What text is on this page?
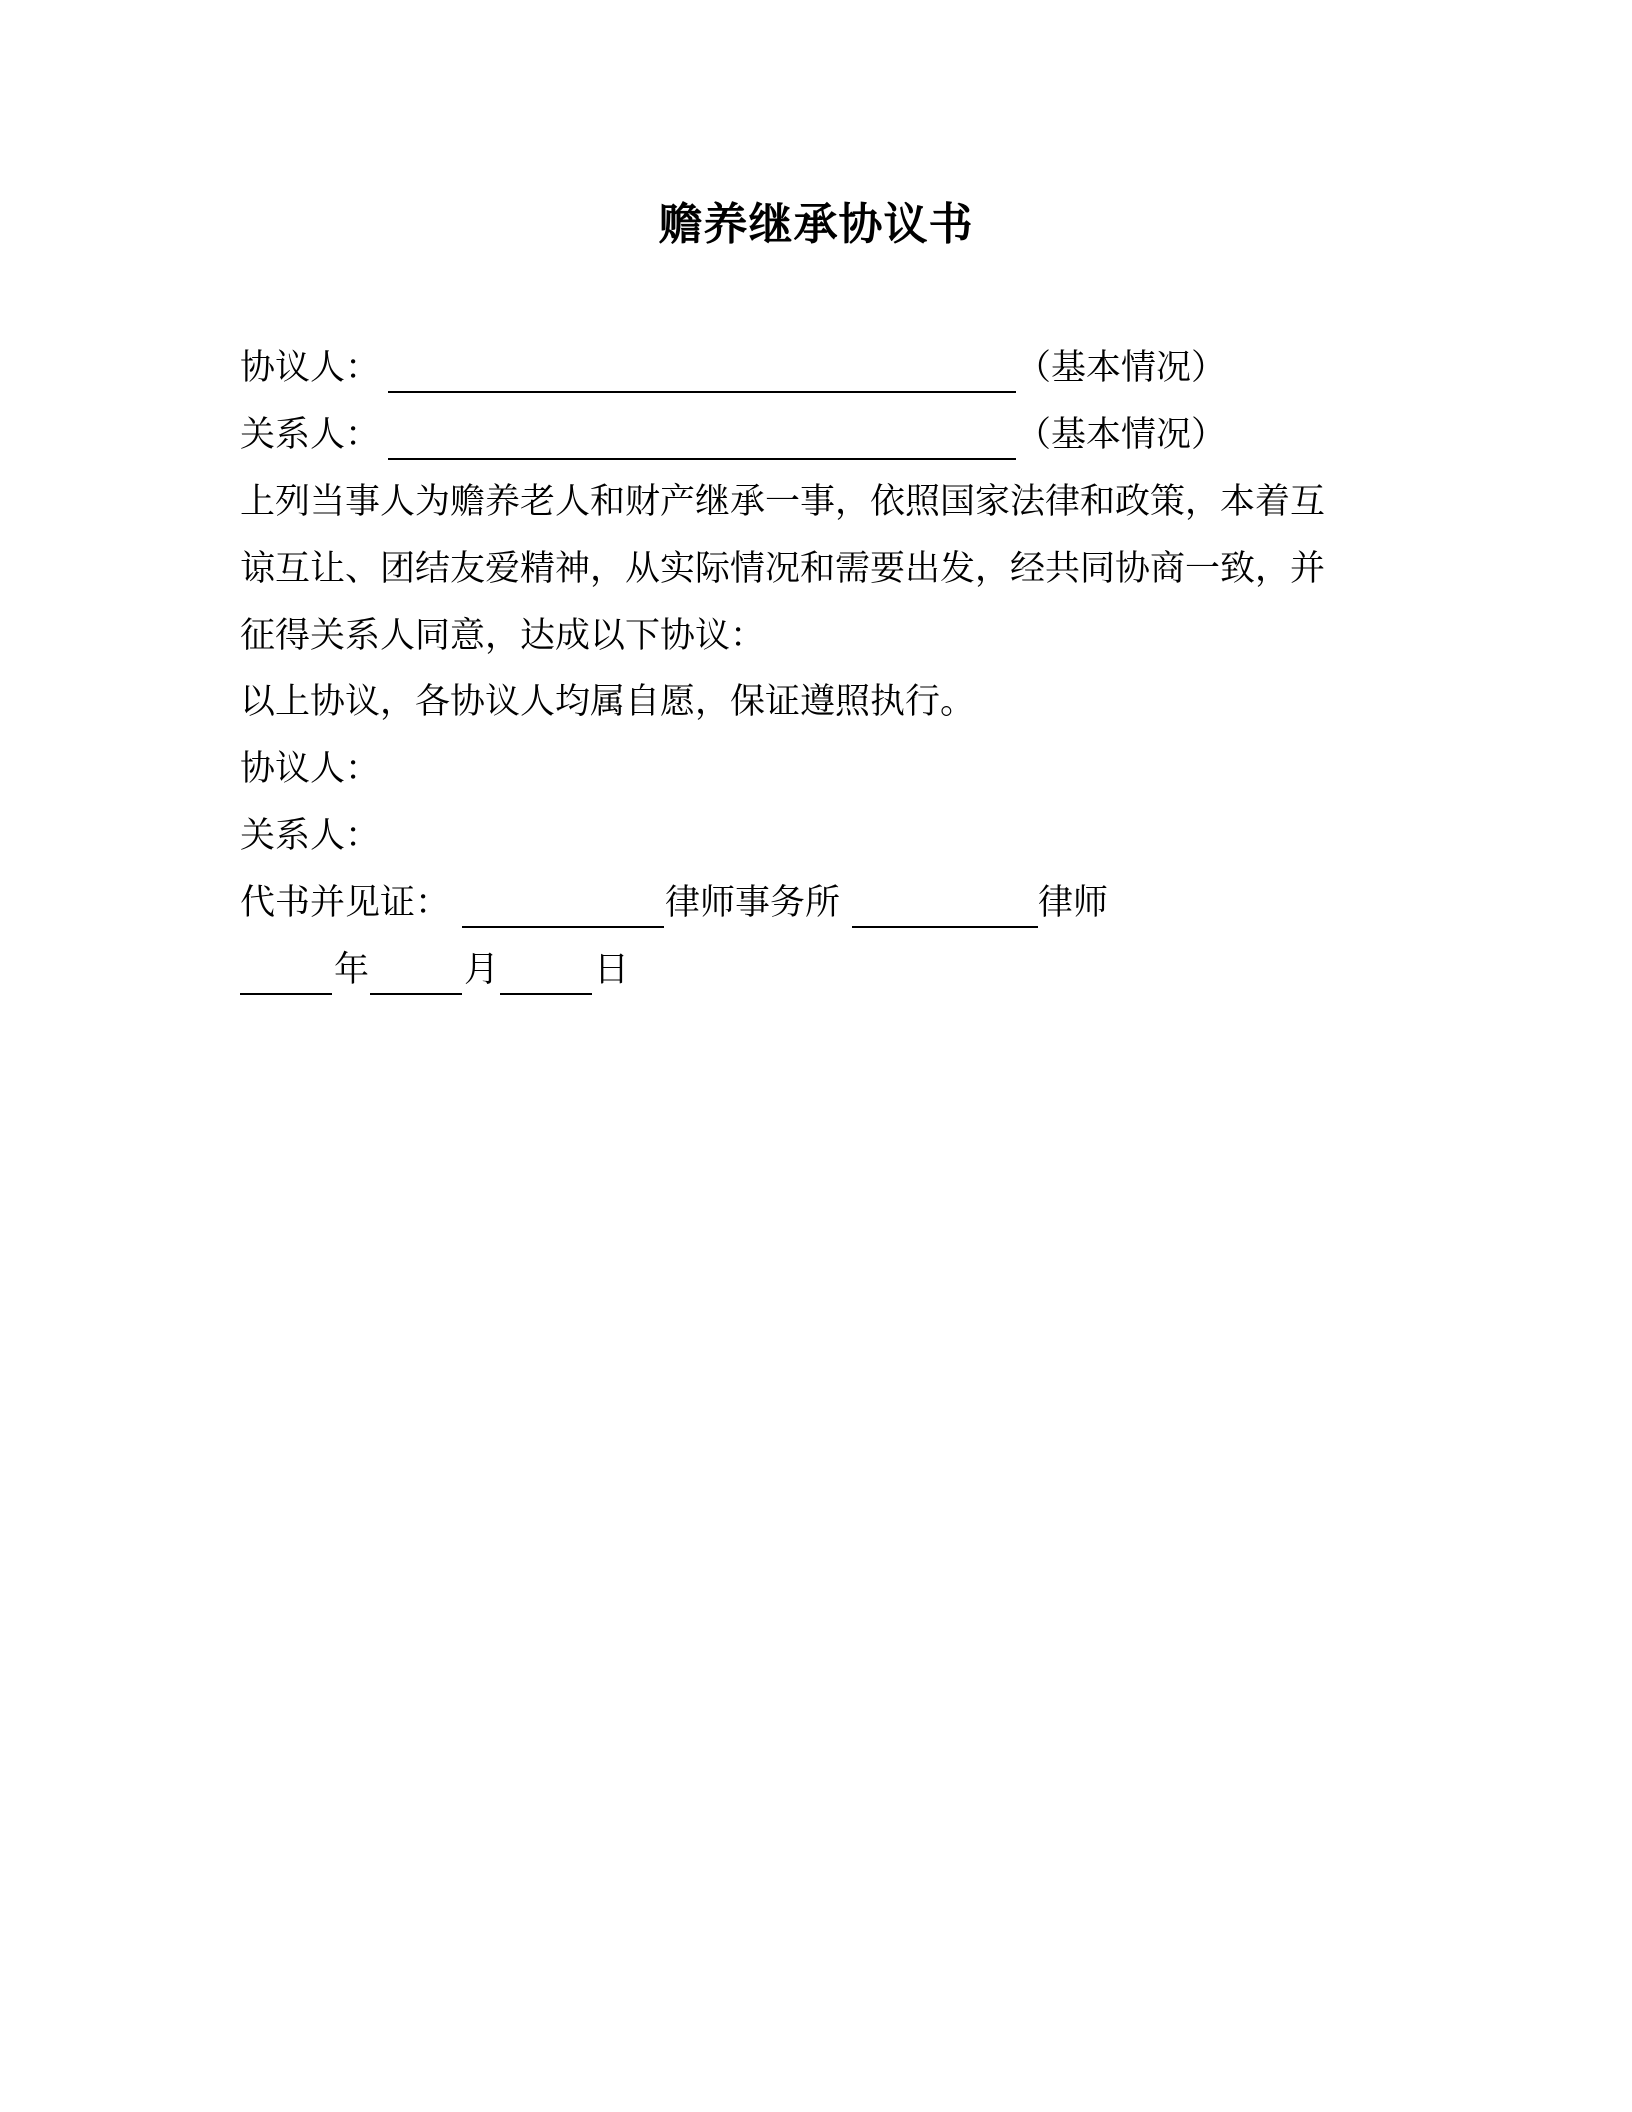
赡养继承协议书
协议人：	（基本情况）
关系人：	（基本情况）
上列当事人为赡养老人和财产继承一事，依照国家法律和政策，本着互
谅互让、团结友爱精神，从实际情况和需要出发，经共同协商一致，并
征得关系人同意，达成以下协议：
以上协议，各协议人均属自愿，保证遵照执行。
协议人：
关系人：
代书并见证：	律师事务所	律师
年	月	日
